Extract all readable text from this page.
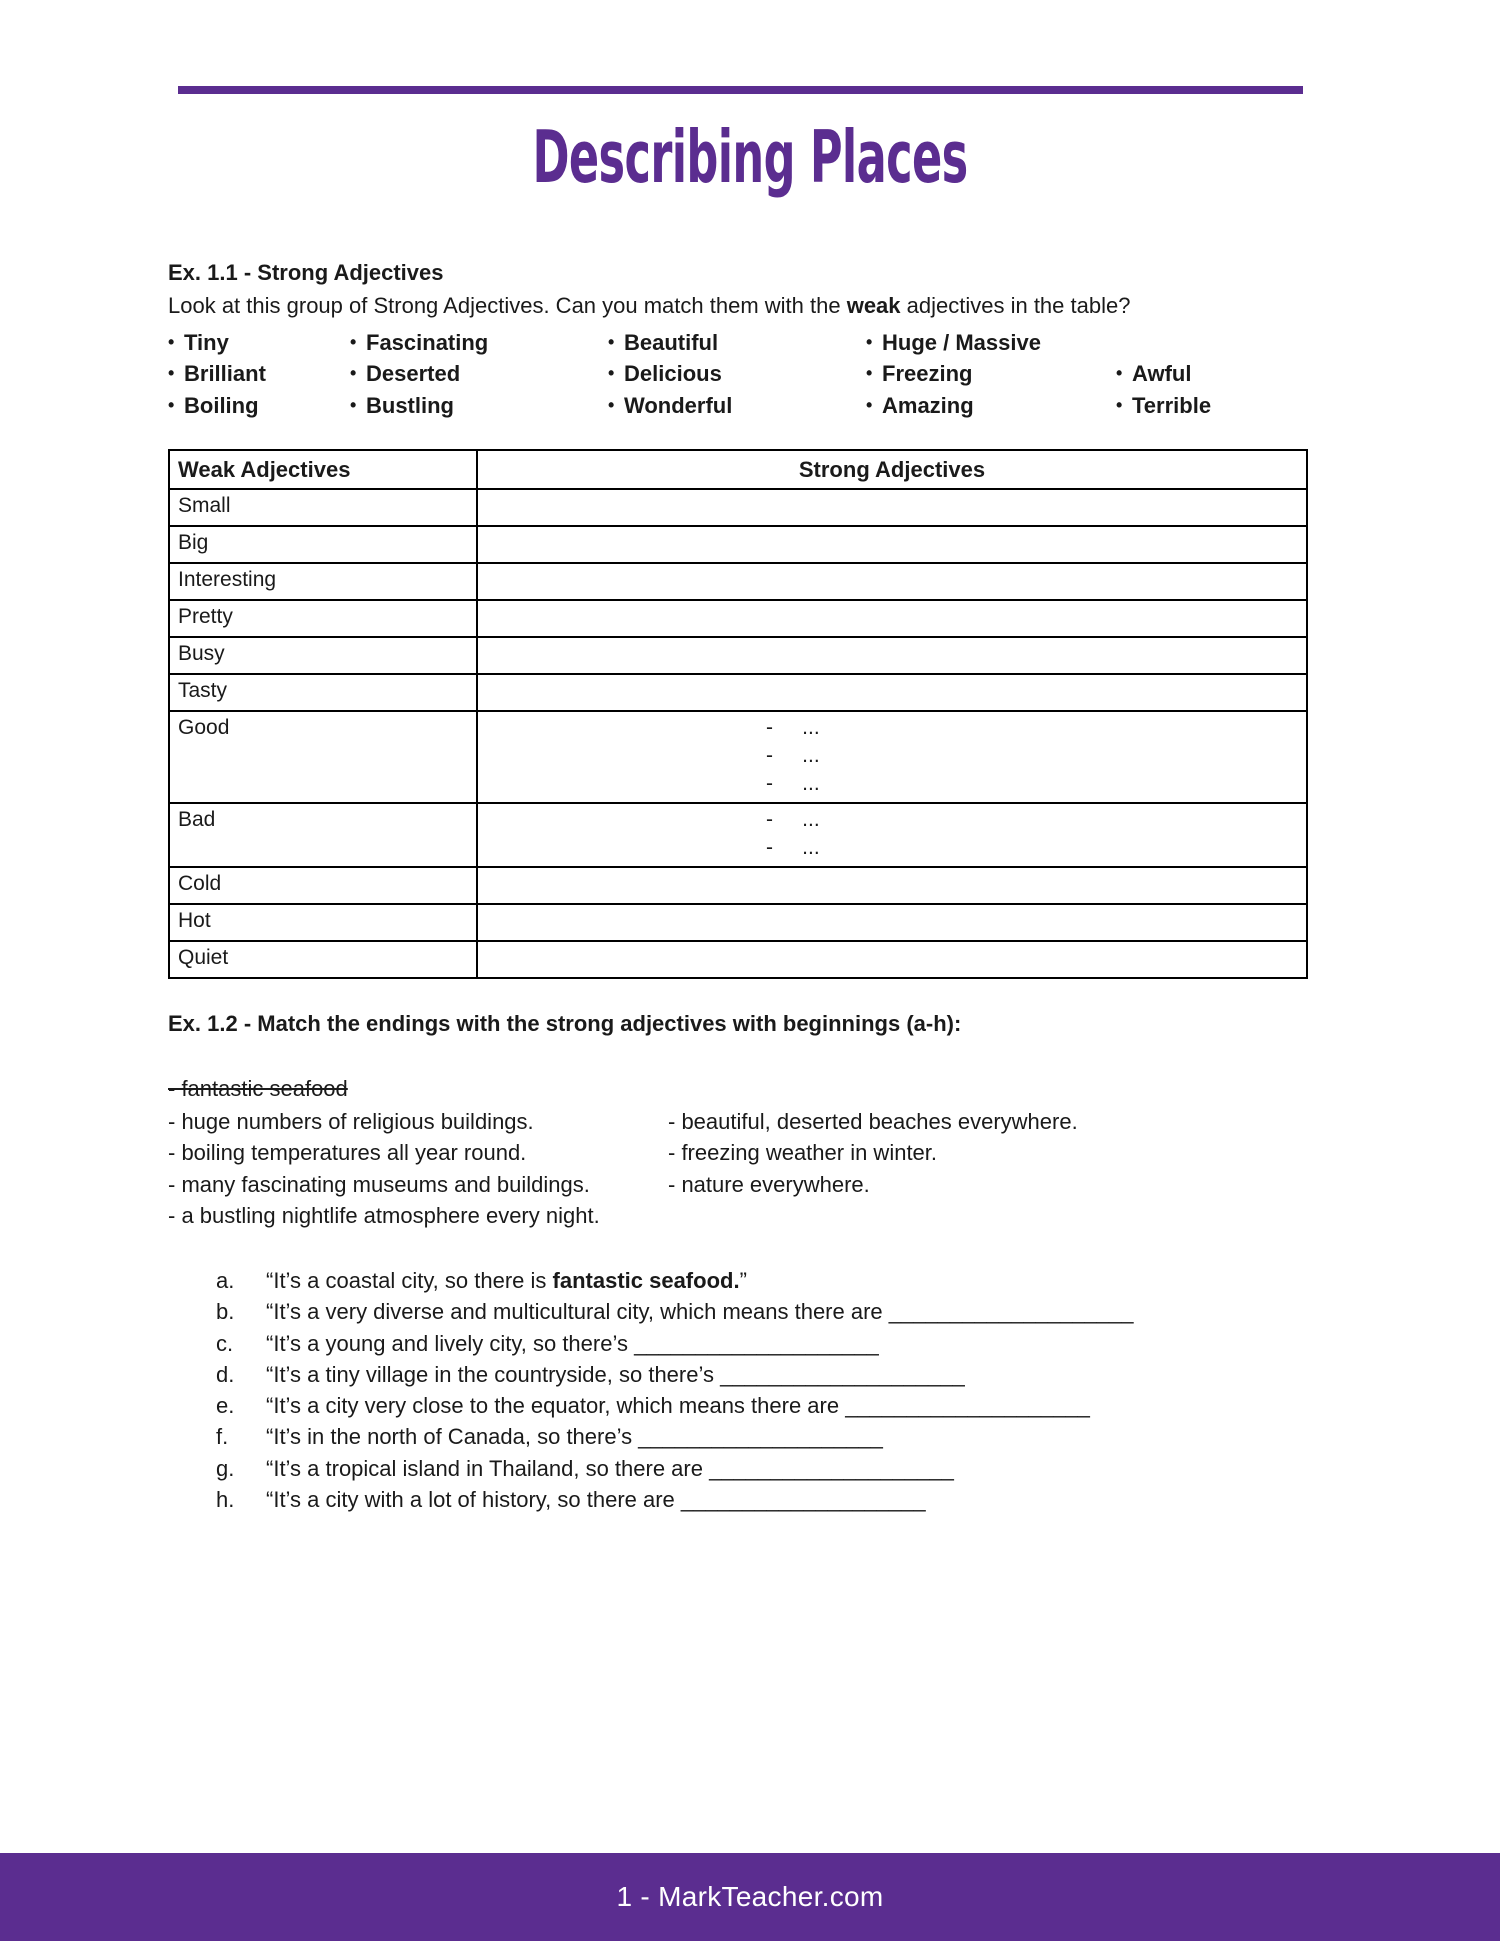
Describing Places
Ex. 1.1 - Strong Adjectives

Look at this group of Strong Adjectives. Can you match them with the weak adjectives in the table?

• Tiny	• Fascinating	• Beautiful	• Huge / Massive
• Brilliant	• Deserted	• Delicious	• Freezing	• Awful
• Boiling	• Bustling	• Wonderful	• Amazing	• Terrible
Weak Adjectives	Strong Adjectives
Small	
Big	
Interesting	
Pretty	
Busy	
Tasty	
Good	-     ...
-     ...
-     ...

Bad	-     ...
-     ...

Cold	
Hot	
Quiet	
Ex. 1.2 - Match the endings with the strong adjectives with beginnings (a-h):
- fantastic seafood
- huge numbers of religious buildings.	- beautiful, deserted beaches everywhere.
- boiling temperatures all year round.	- freezing weather in winter.
- many fascinating museums and buildings.	- nature everywhere.
- a bustling nightlife atmosphere every night.
a.	“It’s a coastal city, so there is fantastic seafood.”
b.	“It’s a very diverse and multicultural city, which means there are ____________________
c.	“It’s a young and lively city, so there’s ____________________
d.	“It’s a tiny village in the countryside, so there’s ____________________
e.	“It’s a city very close to the equator, which means there are ____________________
f.	“It’s in the north of Canada, so there’s ____________________
g.	“It’s a tropical island in Thailand, so there are ____________________
h.	“It’s a city with a lot of history, so there are ____________________
1 - MarkTeacher.com
